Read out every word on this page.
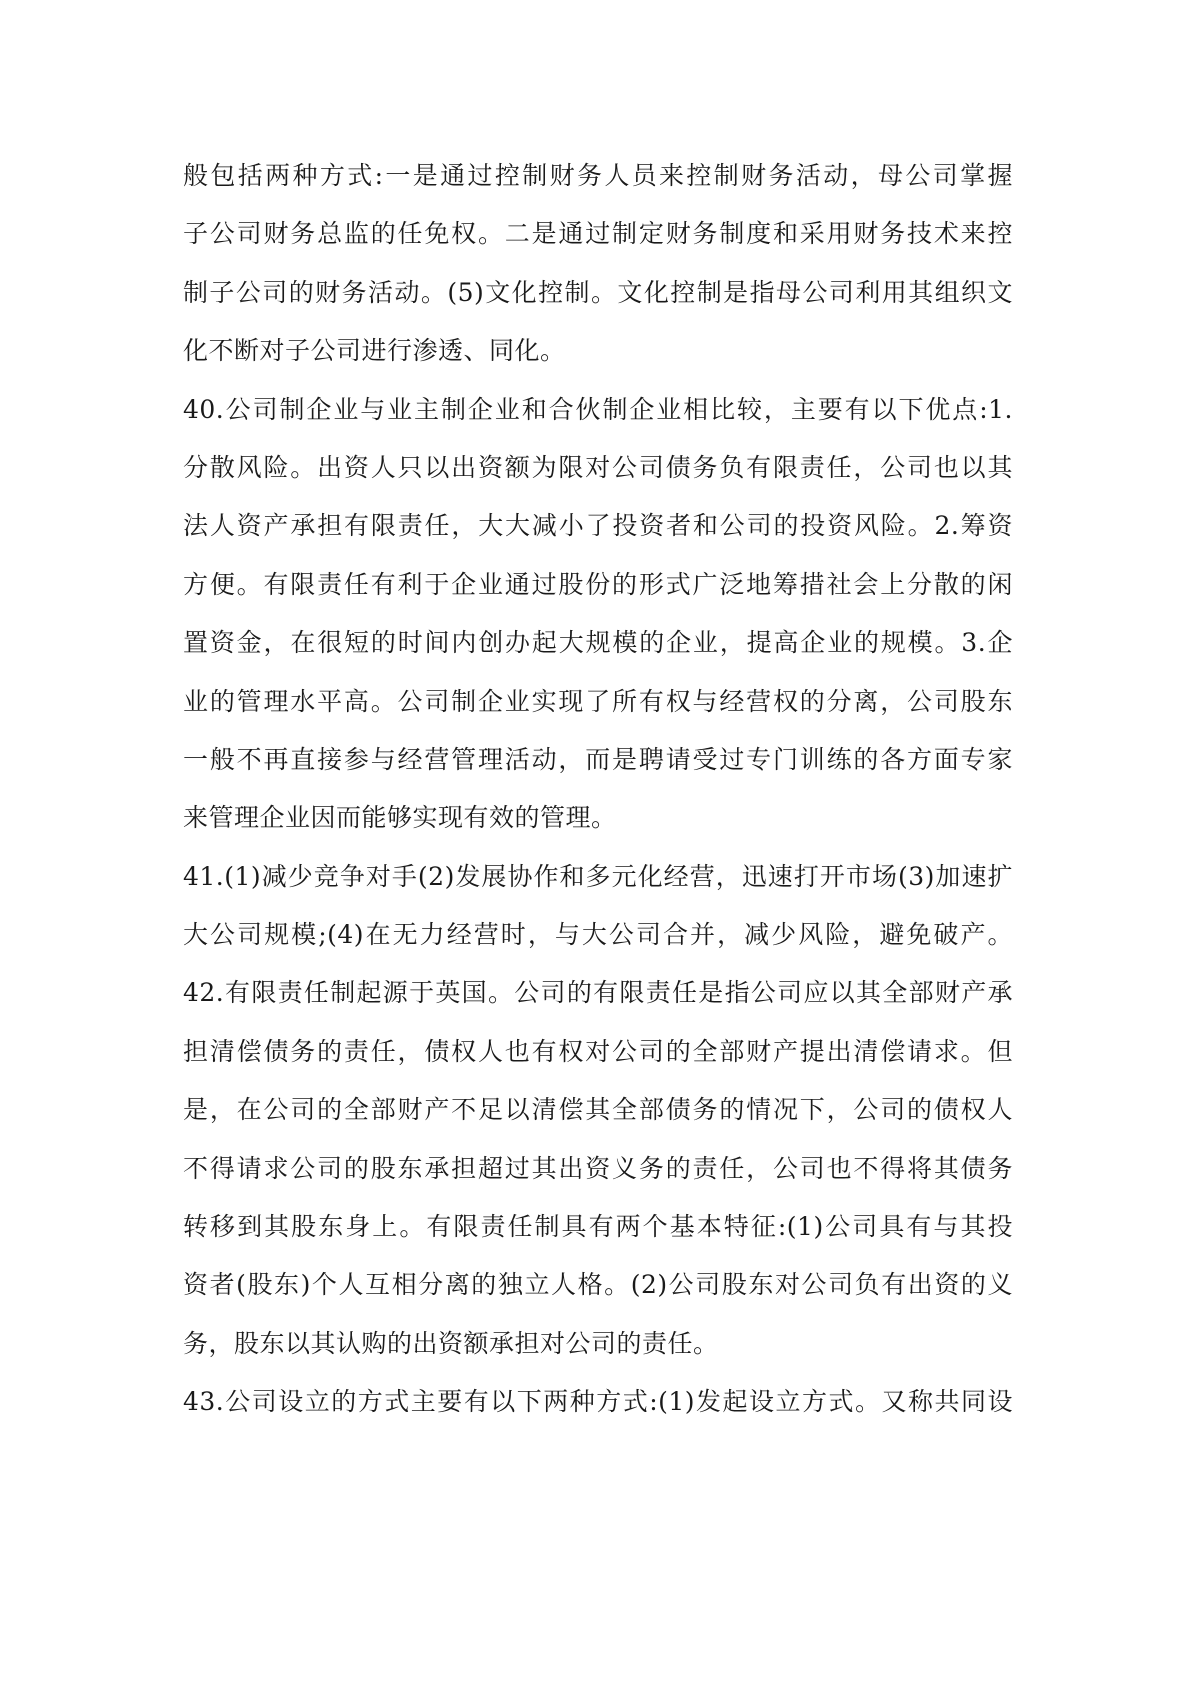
般包括两种方式:一是通过控制财务人员来控制财务活动，母公司掌握
子公司财务总监的任免权。二是通过制定财务制度和采用财务技术来控
制子公司的财务活动。(5)文化控制。文化控制是指母公司利用其组织文
化不断对子公司进行渗透、同化。
40.公司制企业与业主制企业和合伙制企业相比较，主要有以下优点:1.
分散风险。出资人只以出资额为限对公司债务负有限责任，公司也以其
法人资产承担有限责任，大大减小了投资者和公司的投资风险。2.筹资
方便。有限责任有利于企业通过股份的形式广泛地筹措社会上分散的闲
置资金，在很短的时间内创办起大规模的企业，提高企业的规模。3.企
业的管理水平高。公司制企业实现了所有权与经营权的分离，公司股东
一般不再直接参与经营管理活动，而是聘请受过专门训练的各方面专家
来管理企业因而能够实现有效的管理。
41.(1)减少竞争对手(2)发展协作和多元化经营，迅速打开市场(3)加速扩
大公司规模;(4)在无力经营时，与大公司合并，减少风险，避免破产。
42.有限责任制起源于英国。公司的有限责任是指公司应以其全部财产承
担清偿债务的责任，债权人也有权对公司的全部财产提出清偿请求。但
是，在公司的全部财产不足以清偿其全部债务的情况下，公司的债权人
不得请求公司的股东承担超过其出资义务的责任，公司也不得将其债务
转移到其股东身上。有限责任制具有两个基本特征:(1)公司具有与其投
资者(股东)个人互相分离的独立人格。(2)公司股东对公司负有出资的义
务，股东以其认购的出资额承担对公司的责任。
43.公司设立的方式主要有以下两种方式:(1)发起设立方式。又称共同设
